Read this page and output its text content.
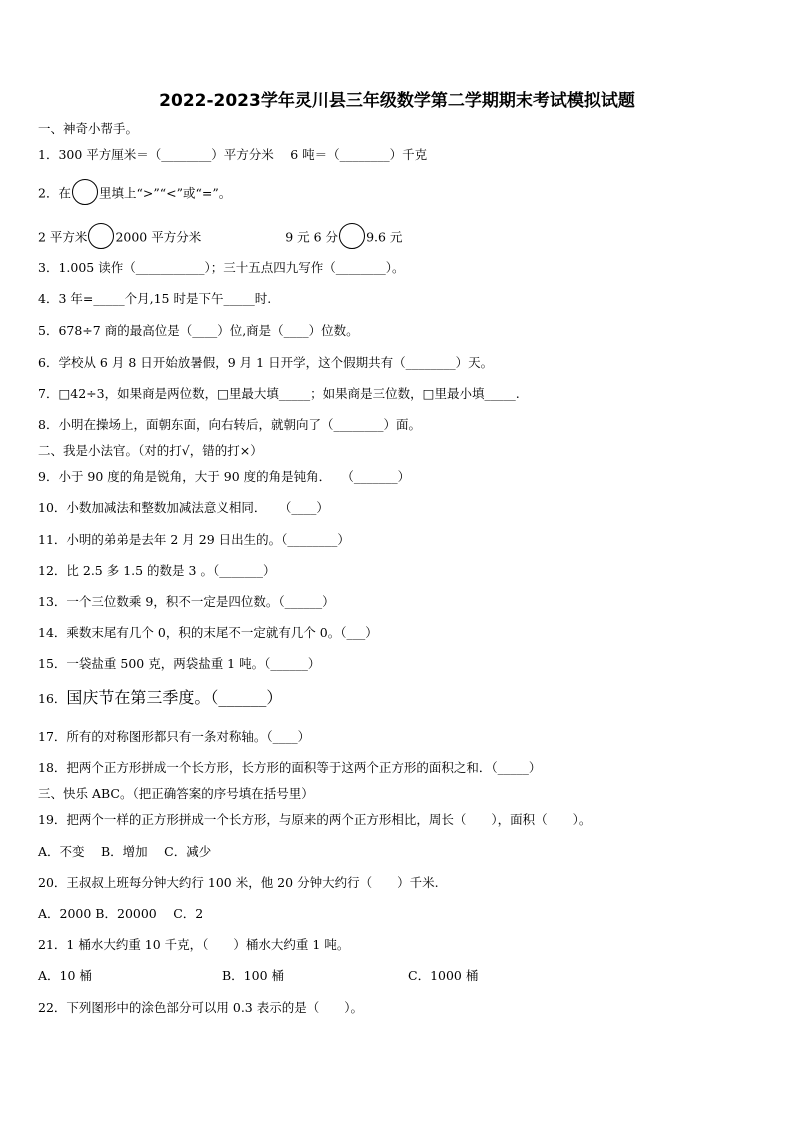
2022-2023学年灵川县三年级数学第二学期期末考试模拟试题
一、神奇小帮手。
1．300 平方厘米＝（________）平方分米　 6 吨＝（________）千克
2．在 里填上“>”“<”或“=”。
2 平方米 2000 平方分米	9 元 6 分 9.6 元
3．1.005 读作（___________）；三十五点四九写作（________）。
4．3 年=_____个月,15 时是下午_____时.
5．678÷7 商的最高位是（____）位,商是（____）位数。
6．学校从 6 月 8 日开始放暑假，9 月 1 日开学，这个假期共有（________）天。
7．□42÷3，如果商是两位数，□里最大填_____；如果商是三位数，□里最小填_____.
8．小明在操场上，面朝东面，向右转后，就朝向了（________）面。
二、我是小法官。（对的打√，错的打×）
9．小于 90 度的角是锐角，大于 90 度的角是钝角．　 （_______）
10．小数加减法和整数加减法意义相同．　　（____）
11．小明的弟弟是去年 2 月 29 日出生的。（________）
12．比 2.5 多 1.5 的数是 3 。（_______）
13．一个三位数乘 9，积不一定是四位数。（______）
14．乘数末尾有几个 0，积的末尾不一定就有几个 0。（___）
15．一袋盐重 500 克，两袋盐重 1 吨。（______）
16．国庆节在第三季度。（______）
17．所有的对称图形都只有一条对称轴。（____）
18．把两个正方形拼成一个长方形，长方形的面积等于这两个正方形的面积之和．（_____）
三、快乐 ABC。（把正确答案的序号填在括号里）
19．把两个一样的正方形拼成一个长方形，与原来的两个正方形相比，周长（　　），面积（　　）。
A．不变　 B．增加　 C．减少
20．王叔叔上班每分钟大约行 100 米，他 20 分钟大约行（　　）千米.
A．2000 B．20000　 C．2
21．1 桶水大约重 10 千克，（　　）桶水大约重 1 吨。
A．10 桶	B．100 桶	C．1000 桶
22．下列图形中的涂色部分可以用 0.3 表示的是（　　）。
